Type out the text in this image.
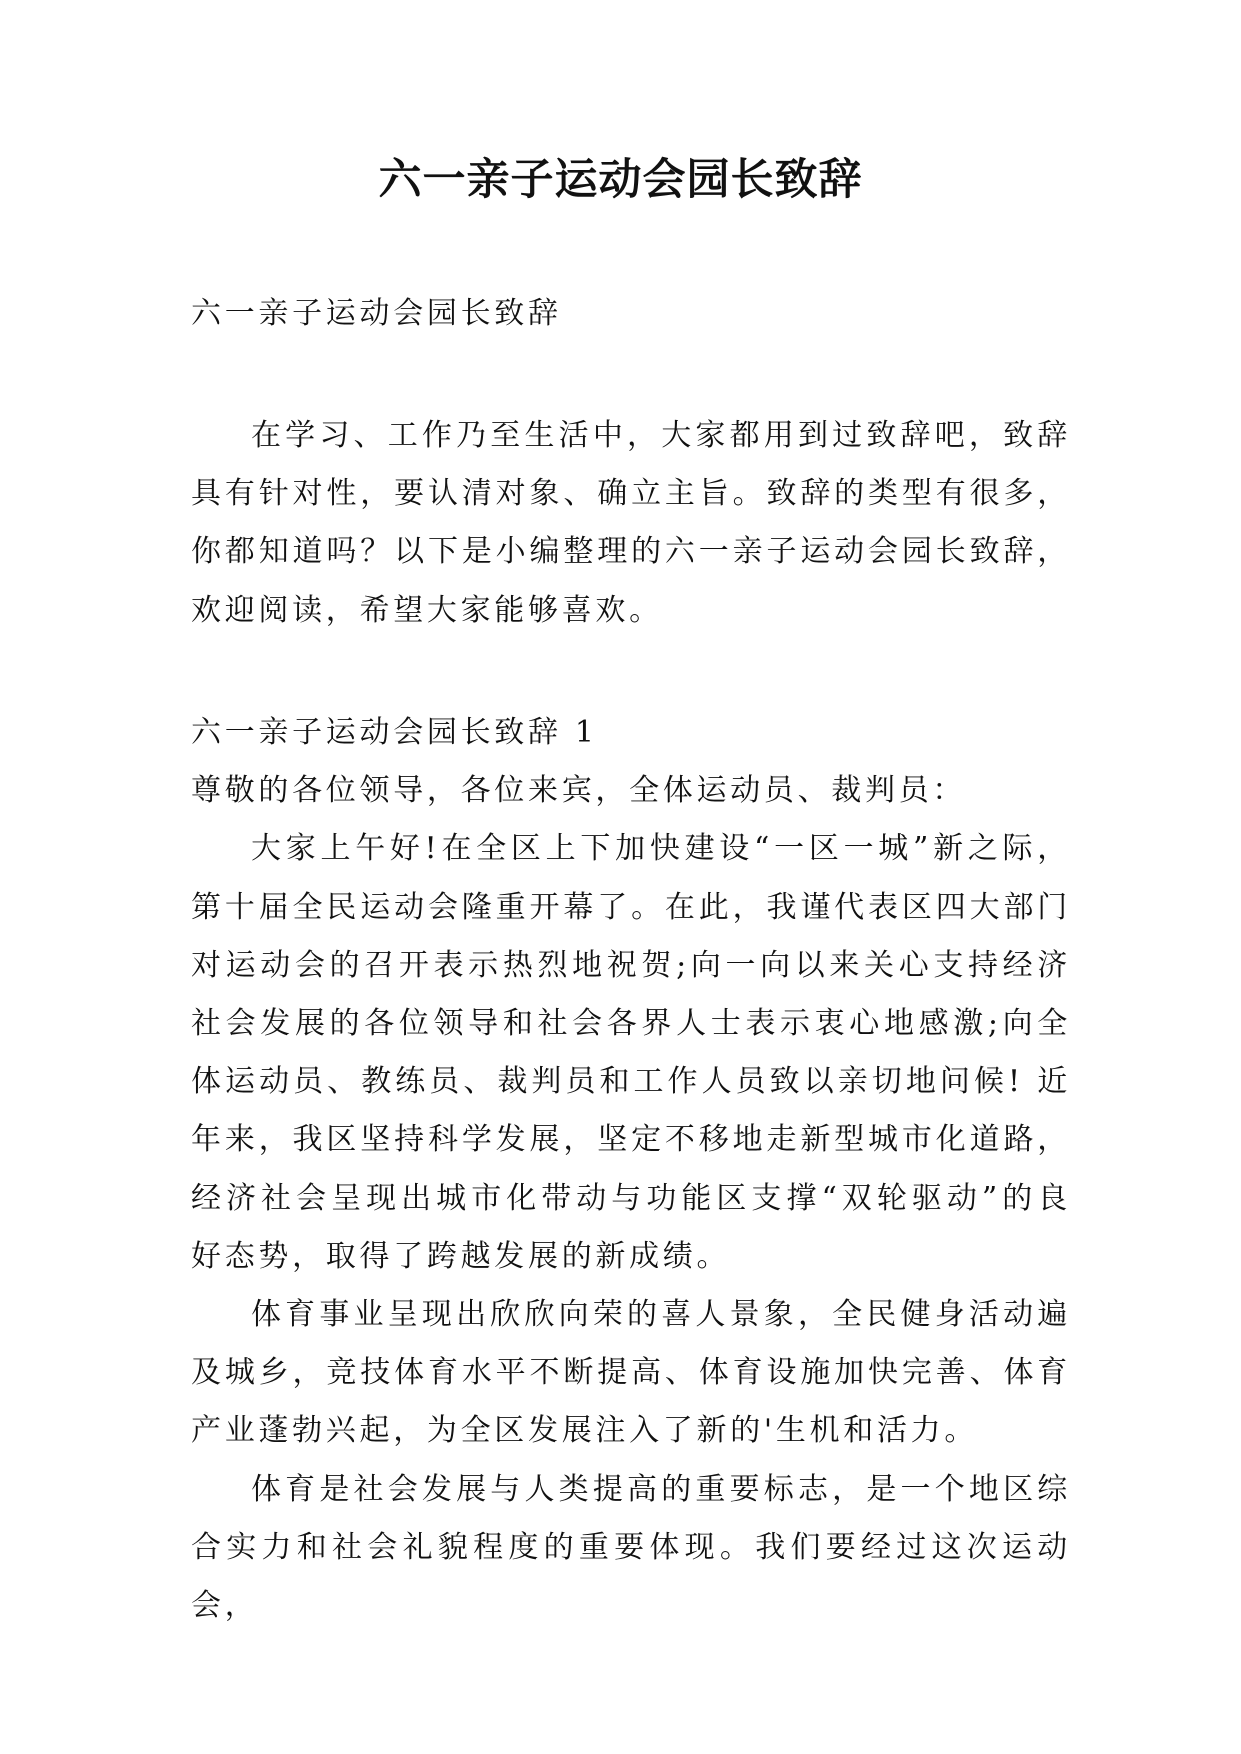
六一亲子运动会园长致辞

六一亲子运动会园长致辞

在学习、工作乃至生活中，大家都用到过致辞吧，致辞具有针对性，要认清对象、确立主旨。致辞的类型有很多，你都知道吗？以下是小编整理的六一亲子运动会园长致辞，欢迎阅读，希望大家能够喜欢。

六一亲子运动会园长致辞 1

尊敬的各位领导，各位来宾，全体运动员、裁判员：

大家上午好!在全区上下加快建设“一区一城”新之际，第十届全民运动会隆重开幕了。在此，我谨代表区四大部门对运动会的召开表示热烈地祝贺;向一向以来关心支持经济社会发展的各位领导和社会各界人士表示衷心地感激;向全体运动员、教练员、裁判员和工作人员致以亲切地问候! 近年来，我区坚持科学发展，坚定不移地走新型城市化道路，经济社会呈现出城市化带动与功能区支撑“双轮驱动”的良好态势，取得了跨越发展的新成绩。

体育事业呈现出欣欣向荣的喜人景象，全民健身活动遍及城乡，竞技体育水平不断提高、体育设施加快完善、体育产业蓬勃兴起，为全区发展注入了新的'生机和活力。

体育是社会发展与人类提高的重要标志，是一个地区综合实力和社会礼貌程度的重要体现。我们要经过这次运动会，
